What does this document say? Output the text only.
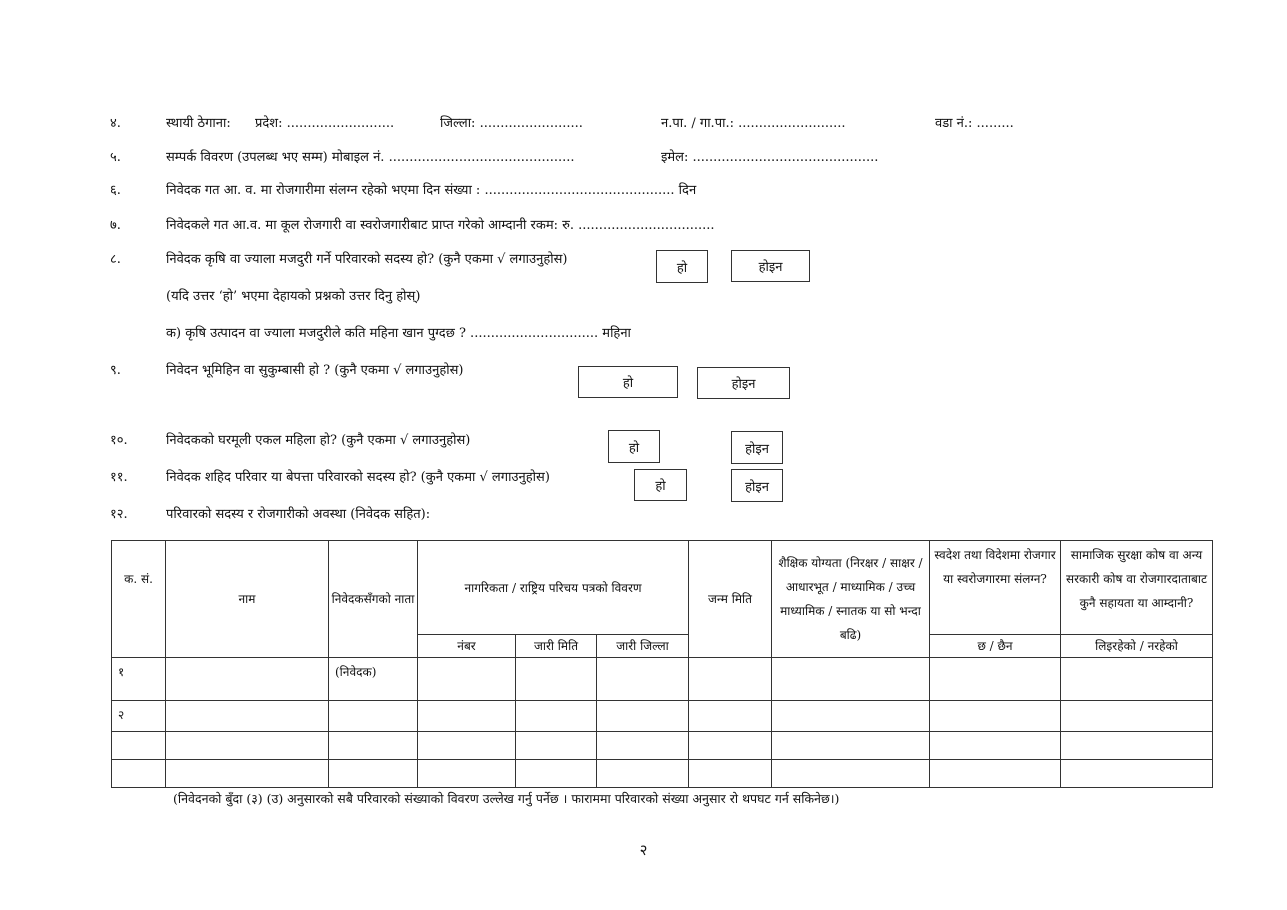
४.	स्थायी ठेगाना: प्रदेश: ..........................	जिल्ला: .........................	न.पा. / गा.पा.: ..........................	वडा नं.: .........
५.	सम्पर्क विवरण (उपलब्ध भए सम्म) मोबाइल नं. .............................................	इमेल: .............................................
६.	निवेदक गत आ. व. मा रोजगारीमा संलग्न रहेको भएमा दिन संख्या : .............................................. दिन
७.	निवेदकले गत आ.व. मा कूल रोजगारी वा स्वरोजगारीबाट प्राप्त गरेको आम्दानी रकम: रु. .................................
८.	निवेदक कृषि वा ज्याला मजदुरी गर्ने परिवारको सदस्य हो? (कुनै एकमा √ लगाउनुहोस)
हो	होइन
(यदि उत्तर ‘हो’ भएमा देहायको प्रश्नको उत्तर दिनु होस्)
क) कृषि उत्पादन वा ज्याला मजदुरीले कति महिना खान पुग्दछ ? ............................... महिना
९.	निवेदन भूमिहिन वा सुकुम्बासी हो ? (कुनै एकमा √ लगाउनुहोस)
हो	होइन
१०.	निवेदकको घरमूली एकल महिला हो? (कुनै एकमा √ लगाउनुहोस)	हो	होइन
११.	निवेदक शहिद परिवार या बेपत्ता परिवारको सदस्य हो? (कुनै एकमा √ लगाउनुहोस)
हो	होइन
१२.	परिवारको सदस्य र रोजगारीको अवस्था (निवेदक सहित):
क. सं.	नाम	निवेदकसँगको नाता	नागरिकता / राष्ट्रिय परिचय पत्रको विवरण			जन्म मिति	शैक्षिक योग्यता (निरक्षर / साक्षर / आधारभूत / माध्यामिक / उच्च माध्यामिक / स्नातक या सो भन्दा बढि)	स्वदेश तथा विदेशमा रोजगार या स्वरोजगारमा संलग्न?	सामाजिक सुरक्षा कोष वा अन्य सरकारी कोष वा रोजगारदाताबाट कुनै सहायता या आम्दानी?
			नंबर	जारी मिति	जारी जिल्ला			छ / छैन	लिइरहेको / नरहेको
१		(निवेदक)							
२									

(निवेदनको बुँदा (३) (उ) अनुसारको सबै परिवारको संख्याको विवरण उल्लेख गर्नु पर्नेछ । फाराममा परिवारको संख्या अनुसार रो थपघट गर्न सकिनेछ।)
२
